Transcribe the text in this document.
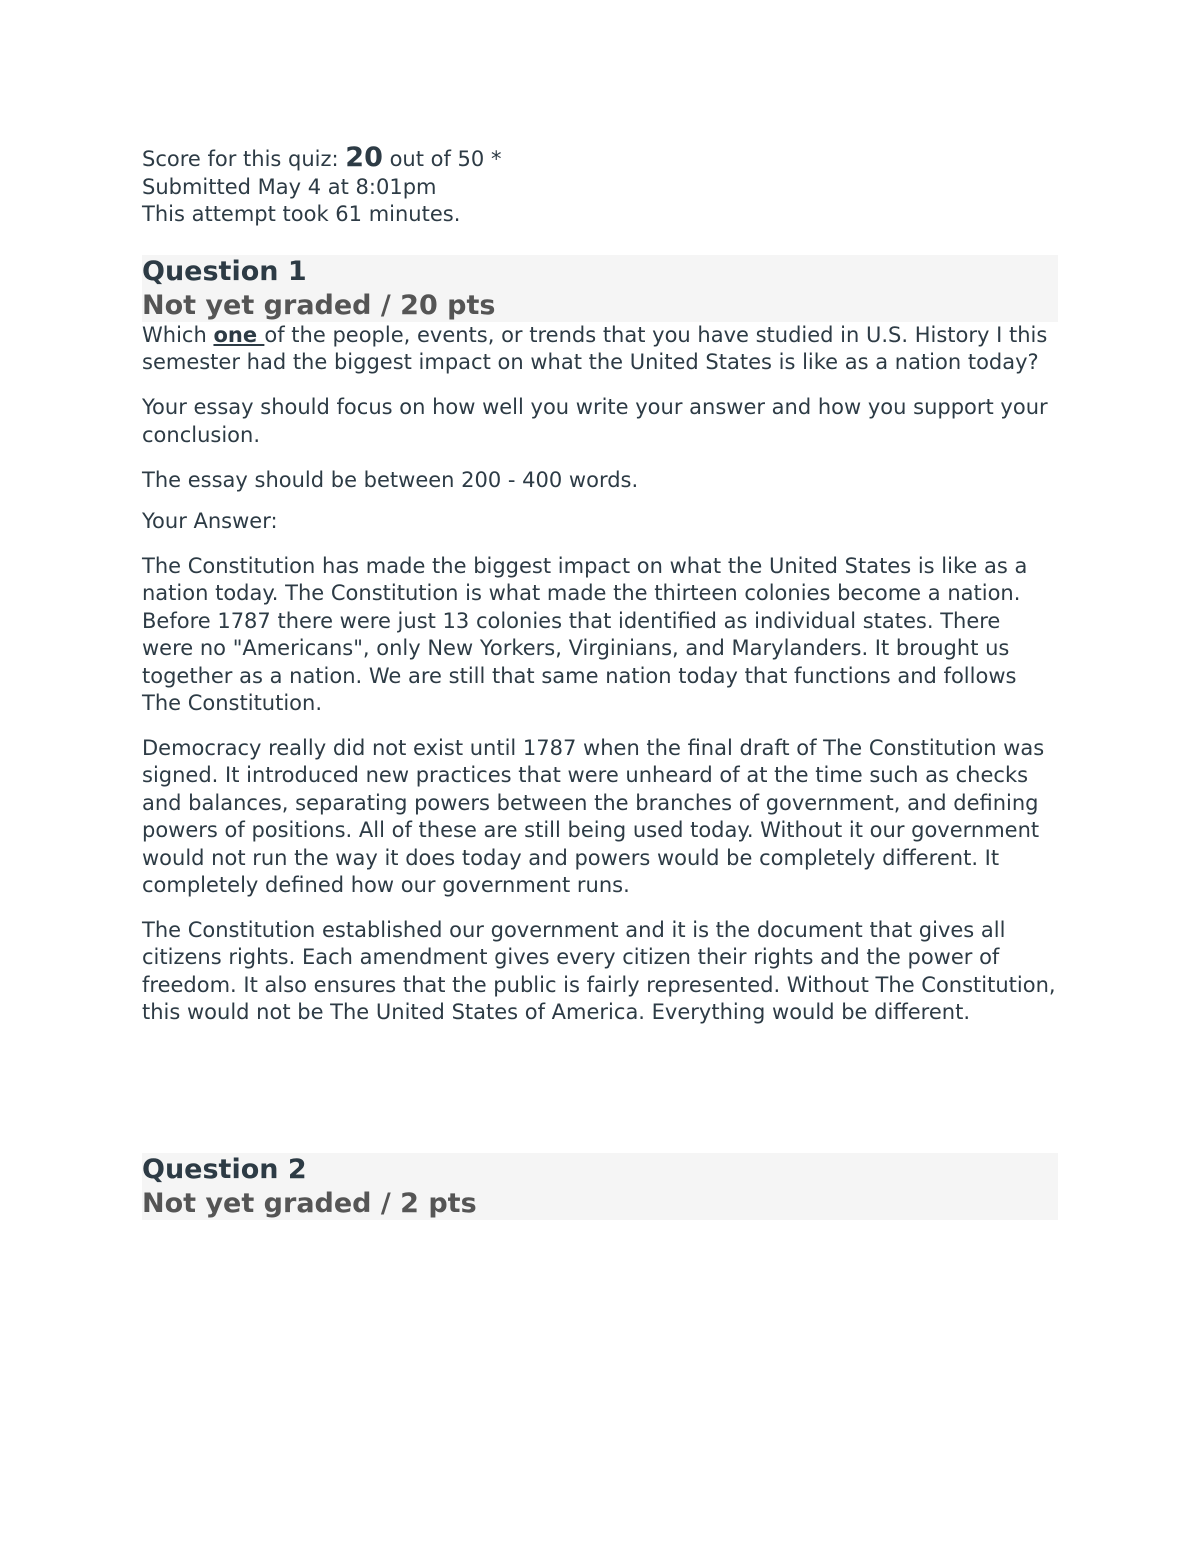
Score for this quiz: 20 out of 50 *
Submitted May 4 at 8:01pm
This attempt took 61 minutes.
Question 1
Not yet graded / 20 pts

Which one of the people, events, or trends that you have studied in U.S. History I this semester had the biggest impact on what the United States is like as a nation today?

Your essay should focus on how well you write your answer and how you support your conclusion.

The essay should be between 200 - 400 words.

Your Answer:

The Constitution has made the biggest impact on what the United States is like as a nation today. The Constitution is what made the thirteen colonies become a nation. Before 1787 there were just 13 colonies that identified as individual states. There were no "Americans", only New Yorkers, Virginians, and Marylanders. It brought us together as a nation. We are still that same nation today that functions and follows The Constitution.

Democracy really did not exist until 1787 when the final draft of The Constitution was signed. It introduced new practices that were unheard of at the time such as checks and balances, separating powers between the branches of government, and defining powers of positions. All of these are still being used today. Without it our government would not run the way it does today and powers would be completely different. It completely defined how our government runs.

The Constitution established our government and it is the document that gives all citizens rights. Each amendment gives every citizen their rights and the power of freedom. It also ensures that the public is fairly represented. Without The Constitution, this would not be The United States of America. Everything would be different.

Question 2
Not yet graded / 2 pts
